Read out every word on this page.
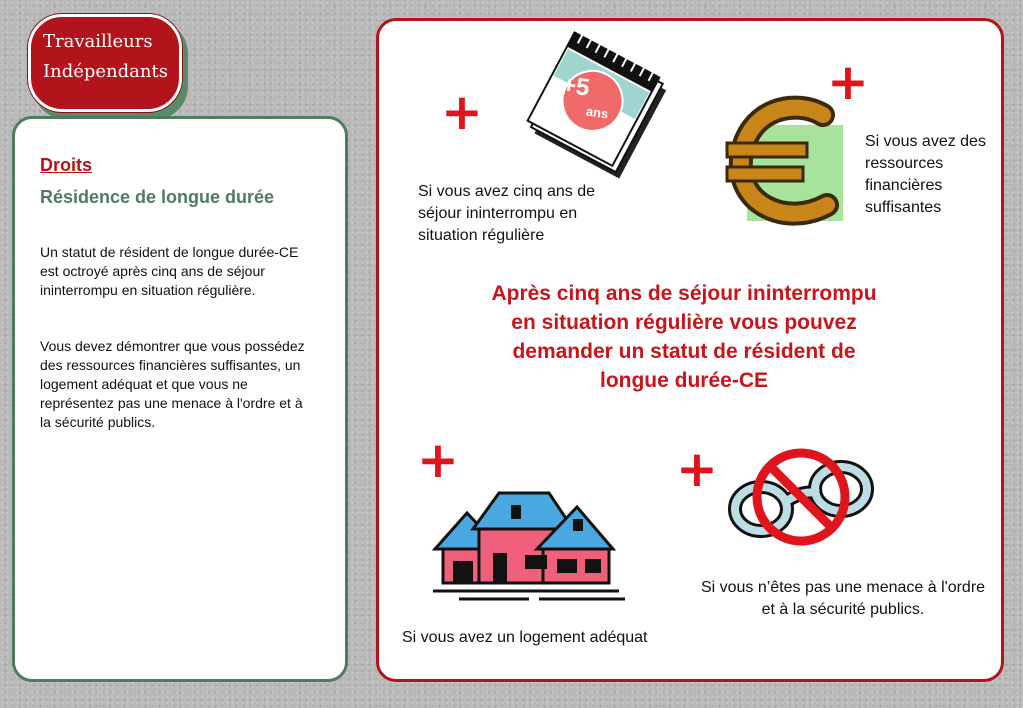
Travailleurs
Indépendants
Droits
Résidence de longue durée

Un statut de résident de longue durée-CE est octroyé après cinq ans de séjour ininterrompu en situation régulière.

Vous devez démontrer que vous possédez des ressources financières suffisantes, un logement adéquat et que vous ne représentez pas une menace à l'ordre et à la sécurité publics.

+
+
+	+
+5
ans
Si vous avez cinq ans de séjour ininterrompu en situation régulière
Si vous avez des ressources financières suffisantes
Après cinq ans de séjour ininterrompu en situation régulière vous pouvez demander un statut de résident de longue durée-CE
Si vous avez un logement adéquat
Si vous n’êtes pas une menace à l'ordre et à la sécurité publics.
